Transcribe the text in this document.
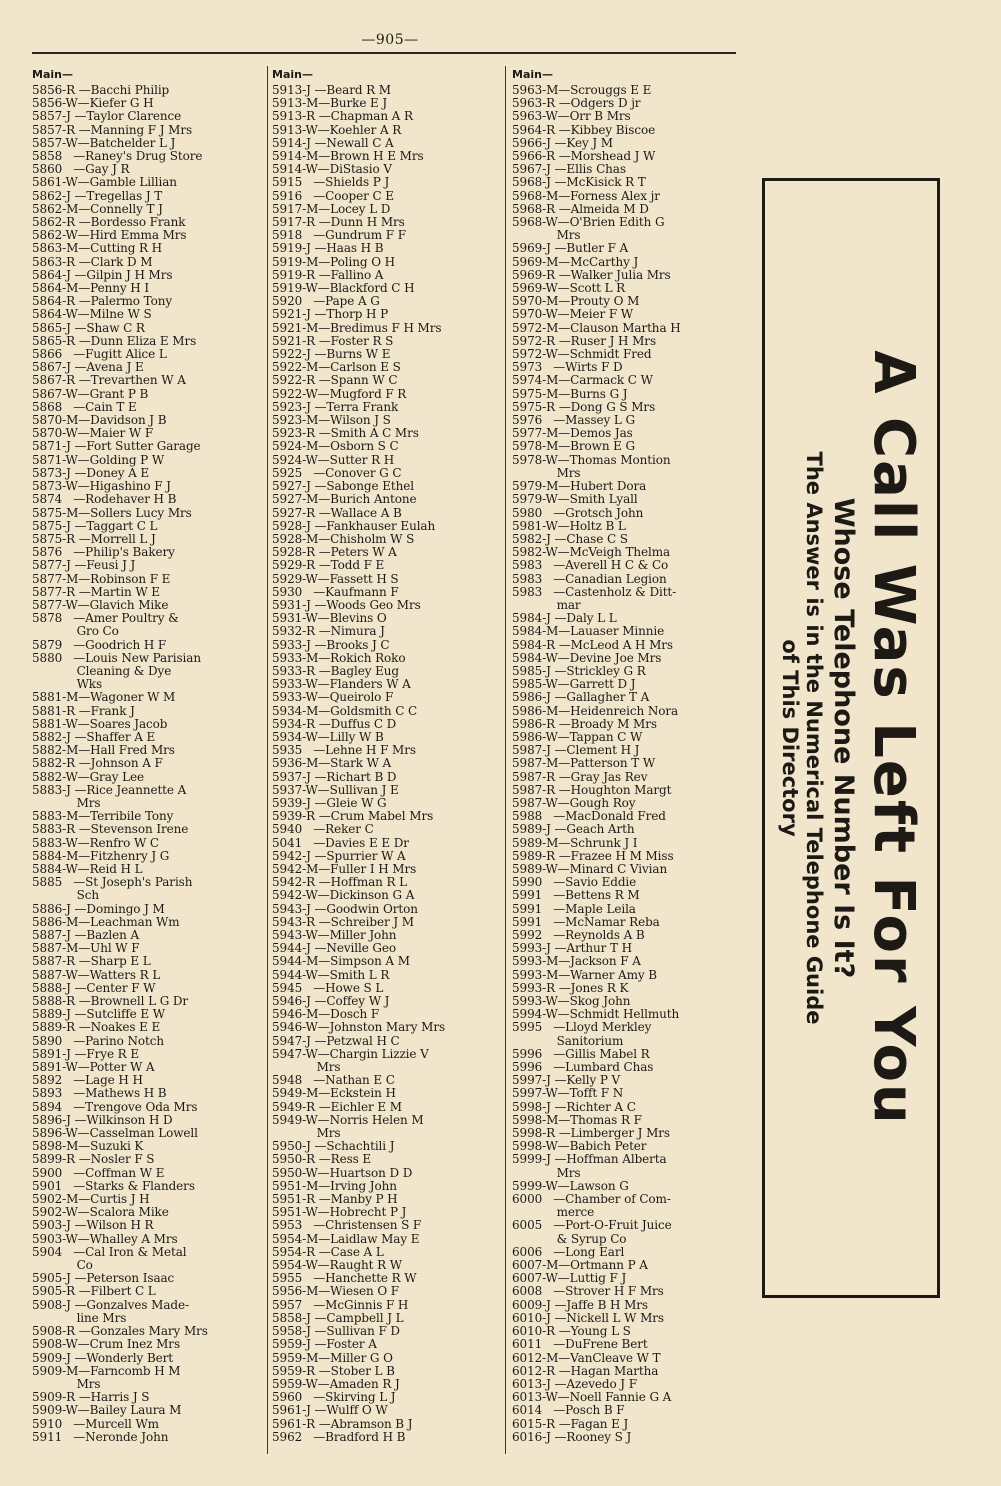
—905—
Main—
5856-R —Bacchi Philip
5856-W—Kiefer G H
5857-J —Taylor Clarence
5857-R —Manning F J Mrs
5857-W—Batchelder L J
5858   —Raney's Drug Store
5860   —Gay J R
5861-W—Gamble Lillian
5862-J —Tregellas J T
5862-M—Connelly T J
5862-R —Bordesso Frank
5862-W—Hird Emma Mrs
5863-M—Cutting R H
5863-R —Clark D M
5864-J —Gilpin J H Mrs
5864-M—Penny H I
5864-R —Palermo Tony
5864-W—Milne W S
5865-J —Shaw C R
5865-R —Dunn Eliza E Mrs
5866   —Fugitt Alice L
5867-J —Avena J E
5867-R —Trevarthen W A
5867-W—Grant P B
5868   —Cain T E
5870-M—Davidson J B
5870-W—Maier W F
5871-J —Fort Sutter Garage
5871-W—Golding P W
5873-J —Doney A E
5873-W—Higashino F J
5874   —Rodehaver H B
5875-M—Sollers Lucy Mrs
5875-J —Taggart C L
5875-R —Morrell L J
5876   —Philip's Bakery
5877-J —Feusi J J
5877-M—Robinson F E
5877-R —Martin W E
5877-W—Glavich Mike
5878   —Amer Poultry &
Gro Co
5879   —Goodrich H F
5880   —Louis New Parisian
Cleaning & Dye
Wks
5881-M—Wagoner W M
5881-R —Frank J
5881-W—Soares Jacob
5882-J —Shaffer A E
5882-M—Hall Fred Mrs
5882-R —Johnson A F
5882-W—Gray Lee
5883-J —Rice Jeannette A
Mrs
5883-M—Terribile Tony
5883-R —Stevenson Irene
5883-W—Renfro W C
5884-M—Fitzhenry J G
5884-W—Reid H L
5885   —St Joseph's Parish
Sch
5886-J —Domingo J M
5886-M—Leachman Wm
5887-J —Bazlen A
5887-M—Uhl W F
5887-R —Sharp E L
5887-W—Watters R L
5888-J —Center F W
5888-R —Brownell L G Dr
5889-J —Sutcliffe E W
5889-R —Noakes E E
5890   —Parino Notch
5891-J —Frye R E
5891-W—Potter W A
5892   —Lage H H
5893   —Mathews H B
5894   —Trengove Oda Mrs
5896-J —Wilkinson H D
5896-W—Casselman Lowell
5898-M—Suzuki K
5899-R —Nosler F S
5900   —Coffman W E
5901   —Starks & Flanders
5902-M—Curtis J H
5902-W—Scalora Mike
5903-J —Wilson H R
5903-W—Whalley A Mrs
5904   —Cal Iron & Metal
Co
5905-J —Peterson Isaac
5905-R —Filbert C L
5908-J —Gonzalves Made-
line Mrs
5908-R —Gonzales Mary Mrs
5908-W—Crum Inez Mrs
5909-J —Wonderly Bert
5909-M—Farncomb H M
Mrs
5909-R —Harris J S
5909-W—Bailey Laura M
5910   —Murcell Wm
5911   —Neronde John
Main—
5913-J —Beard R M
5913-M—Burke E J
5913-R —Chapman A R
5913-W—Koehler A R
5914-J —Newall C A
5914-M—Brown H E Mrs
5914-W—DiStasio V
5915   —Shields P J
5916   —Cooper C E
5917-M—Locey L D
5917-R —Dunn H Mrs
5918   —Gundrum F F
5919-J —Haas H B
5919-M—Poling O H
5919-R —Fallino A
5919-W—Blackford C H
5920   —Pape A G
5921-J —Thorp H P
5921-M—Bredimus F H Mrs
5921-R —Foster R S
5922-J —Burns W E
5922-M—Carlson E S
5922-R —Spann W C
5922-W—Mugford F R
5923-J —Terra Frank
5923-M—Wilson J S
5923-R —Smith A C Mrs
5924-M—Osborn S C
5924-W—Sutter R H
5925   —Conover G C
5927-J —Sabonge Ethel
5927-M—Burich Antone
5927-R —Wallace A B
5928-J —Fankhauser Eulah
5928-M—Chisholm W S
5928-R —Peters W A
5929-R —Todd F E
5929-W—Fassett H S
5930   —Kaufmann F
5931-J —Woods Geo Mrs
5931-W—Blevins O
5932-R —Nimura J
5933-J —Brooks J C
5933-M—Rokich Roko
5933-R —Bagley Eug
5933-W—Flanders W A
5933-W—Queirolo F
5934-M—Goldsmith C C
5934-R —Duffus C D
5934-W—Lilly W B
5935   —Lehne H F Mrs
5936-M—Stark W A
5937-J —Richart B D
5937-W—Sullivan J E
5939-J —Gleie W G
5939-R —Crum Mabel Mrs
5940   —Reker C
5041   —Davies E E Dr
5942-J —Spurrier W A
5942-M—Fuller I H Mrs
5942-R —Hoffman R L
5942-W—Dickinson G A
5943-J —Goodwin Orton
5943-R —Schreiber J M
5943-W—Miller John
5944-J —Neville Geo
5944-M—Simpson A M
5944-W—Smith L R
5945   —Howe S L
5946-J —Coffey W J
5946-M—Dosch F
5946-W—Johnston Mary Mrs
5947-J —Petzwal H C
5947-W—Chargin Lizzie V
Mrs
5948   —Nathan E C
5949-M—Eckstein H
5949-R —Eichler E M
5949-W—Norris Helen M
Mrs
5950-J —Schachtili J
5950-R —Ress E
5950-W—Huartson D D
5951-M—Irving John
5951-R —Manby P H
5951-W—Hobrecht P J
5953   —Christensen S F
5954-M—Laidlaw May E
5954-R —Case A L
5954-W—Raught R W
5955   —Hanchette R W
5956-M—Wiesen O F
5957   —McGinnis F H
5858-J —Campbell J L
5958-J —Sullivan F D
5959-J —Foster A
5959-M—Miller G O
5959-R —Stober L B
5959-W—Amaden R J
5960   —Skirving L J
5961-J —Wulff O W
5961-R —Abramson B J
5962   —Bradford H B
Main—
5963-M—Scrouggs E E
5963-R —Odgers D jr
5963-W—Orr B Mrs
5964-R —Kibbey Biscoe
5966-J —Key J M
5966-R —Morshead J W
5967-J —Ellis Chas
5968-J —McKisick R T
5968-M—Forness Alex jr
5968-R —Almeida M D
5968-W—O'Brien Edith G
Mrs
5969-J —Butler F A
5969-M—McCarthy J
5969-R —Walker Julia Mrs
5969-W—Scott L R
5970-M—Prouty O M
5970-W—Meier F W
5972-M—Clauson Martha H
5972-R —Ruser J H Mrs
5972-W—Schmidt Fred
5973   —Wirts F D
5974-M—Carmack C W
5975-M—Burns G J
5975-R —Dong G S Mrs
5976   —Massey L G
5977-M—Demos Jas
5978-M—Brown E G
5978-W—Thomas Montion
Mrs
5979-M—Hubert Dora
5979-W—Smith Lyall
5980   —Grotsch John
5981-W—Holtz B L
5982-J —Chase C S
5982-W—McVeigh Thelma
5983   —Averell H C & Co
5983   —Canadian Legion
5983   —Castenholz & Ditt-
mar
5984-J —Daly L L
5984-M—Lauaser Minnie
5984-R —McLeod A H Mrs
5984-W—Devine Joe Mrs
5985-J —Strickley G R
5985-W—Garrett D J
5986-J —Gallagher T A
5986-M—Heidenreich Nora
5986-R —Broady M Mrs
5986-W—Tappan C W
5987-J —Clement H J
5987-M—Patterson T W
5987-R —Gray Jas Rev
5987-R —Houghton Margt
5987-W—Gough Roy
5988   —MacDonald Fred
5989-J —Geach Arth
5989-M—Schrunk J I
5989-R —Frazee H M Miss
5989-W—Minard C Vivian
5990   —Savio Eddie
5991   —Bettens R M
5991   —Maple Leila
5991   —McNamar Reba
5992   —Reynolds A B
5993-J —Arthur T H
5993-M—Jackson F A
5993-M—Warner Amy B
5993-R —Jones R K
5993-W—Skog John
5994-W—Schmidt Hellmuth
5995   —Lloyd Merkley
Sanitorium
5996   —Gillis Mabel R
5996   —Lumbard Chas
5997-J —Kelly P V
5997-W—Tofft F N
5998-J —Richter A C
5998-M—Thomas R F
5998-R —Limberger J Mrs
5998-W—Babich Peter
5999-J —Hoffman Alberta
Mrs
5999-W—Lawson G
6000   —Chamber of Com-
merce
6005   —Port-O-Fruit Juice
& Syrup Co
6006   —Long Earl
6007-M—Ortmann P A
6007-W—Luttig F J
6008   —Strover H F Mrs
6009-J —Jaffe B H Mrs
6010-J —Nickell L W Mrs
6010-R —Young L S
6011   —DuFrene Bert
6012-M—VanCleave W T
6012-R —Hagan Martha
6013-J —Azevedo J F
6013-W—Noell Fannie G A
6014   —Posch B F
6015-R —Fagan E J
6016-J —Rooney S J
A Call Was Left For You
Whose Telephone Number Is It?
The Answer is in the Numerical Telephone Guide
of This Directory
